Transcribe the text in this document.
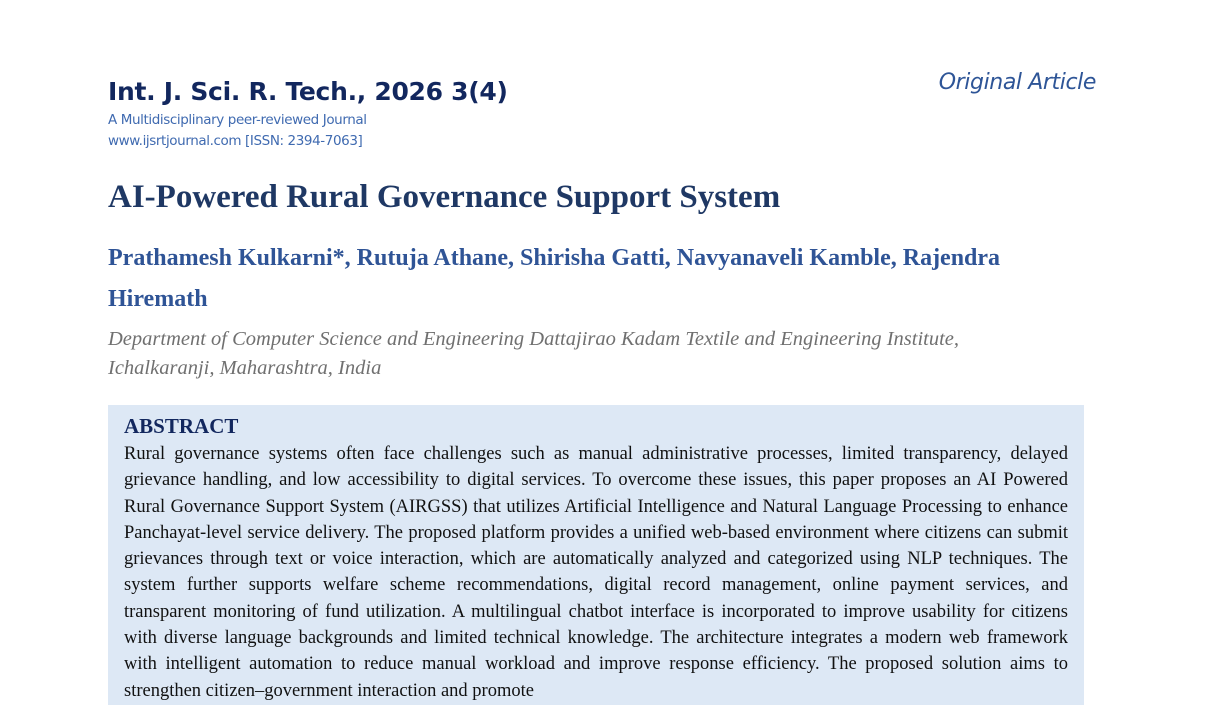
Int. J. Sci. R. Tech., 2026 3(4)
A Multidisciplinary peer-reviewed Journal
www.ijsrtjournal.com [ISSN: 2394-7063]
Original Article
AI-Powered Rural Governance Support System
Prathamesh Kulkarni*, Rutuja Athane, Shirisha Gatti, Navyanaveli Kamble, Rajendra Hiremath
Department of Computer Science and Engineering Dattajirao Kadam Textile and Engineering Institute, Ichalkaranji, Maharashtra, India
ABSTRACT

Rural governance systems often face challenges such as manual administrative processes, limited transparency, delayed grievance handling, and low accessibility to digital services. To overcome these issues, this paper proposes an AI Powered Rural Governance Support System (AIRGSS) that utilizes Artificial Intelligence and Natural Language Processing to enhance Panchayat-level service delivery. The proposed platform provides a unified web-based environment where citizens can submit grievances through text or voice interaction, which are automatically analyzed and categorized using NLP techniques. The system further supports welfare scheme recommendations, digital record management, online payment services, and transparent monitoring of fund utilization. A multilingual chatbot interface is incorporated to improve usability for citizens with diverse language backgrounds and limited technical knowledge. The architecture integrates a modern web framework with intelligent automation to reduce manual workload and improve response efficiency. The proposed solution aims to strengthen citizen–government interaction and promote
